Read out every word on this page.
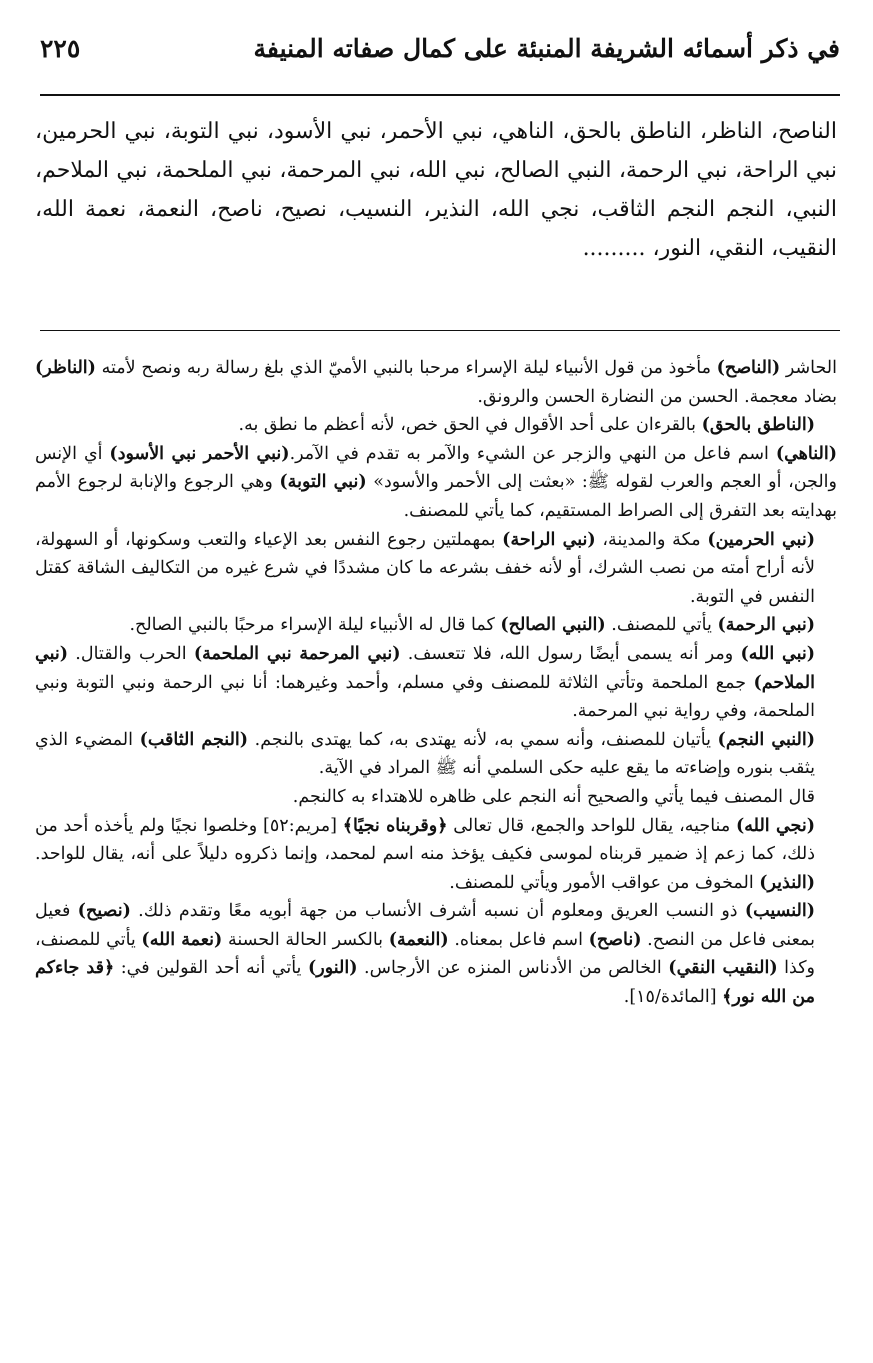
في ذكر أسمائه الشريفة المنبئة على كمال صفاته المنيفة
٢٢٥
الناصح، الناظر، الناطق بالحق، الناهي، نبي الأحمر، نبي الأسود، نبي التوبة، نبي الحرمين، نبي الراحة، نبي الرحمة، النبي الصالح، نبي الله، نبي المرحمة، نبي الملحمة، نبي الملاحم، النبي، النجم النجم الثاقب، نجي الله، النذير، النسيب، نصيح، ناصح، النعمة، نعمة الله، النقيب، النقي، النور، .........

الحاشر (الناصح) مأخوذ من قول الأنبياء ليلة الإسراء مرحبا بالنبي الأميّ الذي بلغ رسالة ربه ونصح لأمته (الناظر) بضاد معجمة. الحسن من النضارة الحسن والرونق.

(الناطق بالحق) بالقرءان على أحد الأقوال في الحق خص، لأنه أعظم ما نطق به.

(الناهي) اسم فاعل من النهي والزجر عن الشيء والآمر به تقدم في الآمر.(نبي الأحمر نبي الأسود) أي الإنس والجن، أو العجم والعرب لقوله ﷺ: «بعثت إلى الأحمر والأسود» (نبي التوبة) وهي الرجوع والإنابة لرجوع الأمم بهدايته بعد التفرق إلى الصراط المستقيم، كما يأتي للمصنف.

(نبي الحرمين) مكة والمدينة، (نبي الراحة) بمهملتين رجوع النفس بعد الإعياء والتعب وسكونها، أو السهولة، لأنه أراح أمته من نصب الشرك، أو لأنه خفف بشرعه ما كان مشددًا في شرع غيره من التكاليف الشاقة كقتل النفس في التوبة.

(نبي الرحمة) يأتي للمصنف. (النبي الصالح) كما قال له الأنبياء ليلة الإسراء مرحبًا بالنبي الصالح.

(نبي الله) ومر أنه يسمى أيضًا رسول الله، فلا تتعسف. (نبي المرحمة نبي الملحمة) الحرب والقتال. (نبي الملاحم) جمع الملحمة وتأتي الثلاثة للمصنف وفي مسلم، وأحمد وغيرهما: أنا نبي الرحمة ونبي التوبة ونبي الملحمة، وفي رواية نبي المرحمة.

(النبي النجم) يأتيان للمصنف، وأنه سمي به، لأنه يهتدى به، كما يهتدى بالنجم. (النجم الثاقب) المضيء الذي يثقب بنوره وإضاءته ما يقع عليه حكى السلمي أنه ﷺ المراد في الآية.

قال المصنف فيما يأتي والصحيح أنه النجم على ظاهره للاهتداء به كالنجم.

(نجي الله) مناجيه، يقال للواحد والجمع، قال تعالى ﴿وقربناه نجيًا﴾ [مريم:٥٢] وخلصوا نجيًا ولم يأخذه أحد من ذلك، كما زعم إذ ضمير قربناه لموسى فكيف يؤخذ منه اسم لمحمد، وإنما ذكروه دليلاً على أنه، يقال للواحد. (النذير) المخوف من عواقب الأمور ويأتي للمصنف.

(النسيب) ذو النسب العريق ومعلوم أن نسبه أشرف الأنساب من جهة أبويه معًا وتقدم ذلك. (نصيح) فعيل بمعنى فاعل من النصح. (ناصح) اسم فاعل بمعناه. (النعمة) بالكسر الحالة الحسنة (نعمة الله) يأتي للمصنف، وكذا (النقيب النقي) الخالص من الأدناس المنزه عن الأرجاس. (النور) يأتي أنه أحد القولين في: ﴿قد جاءكم من الله نور﴾ [المائدة/١٥].
